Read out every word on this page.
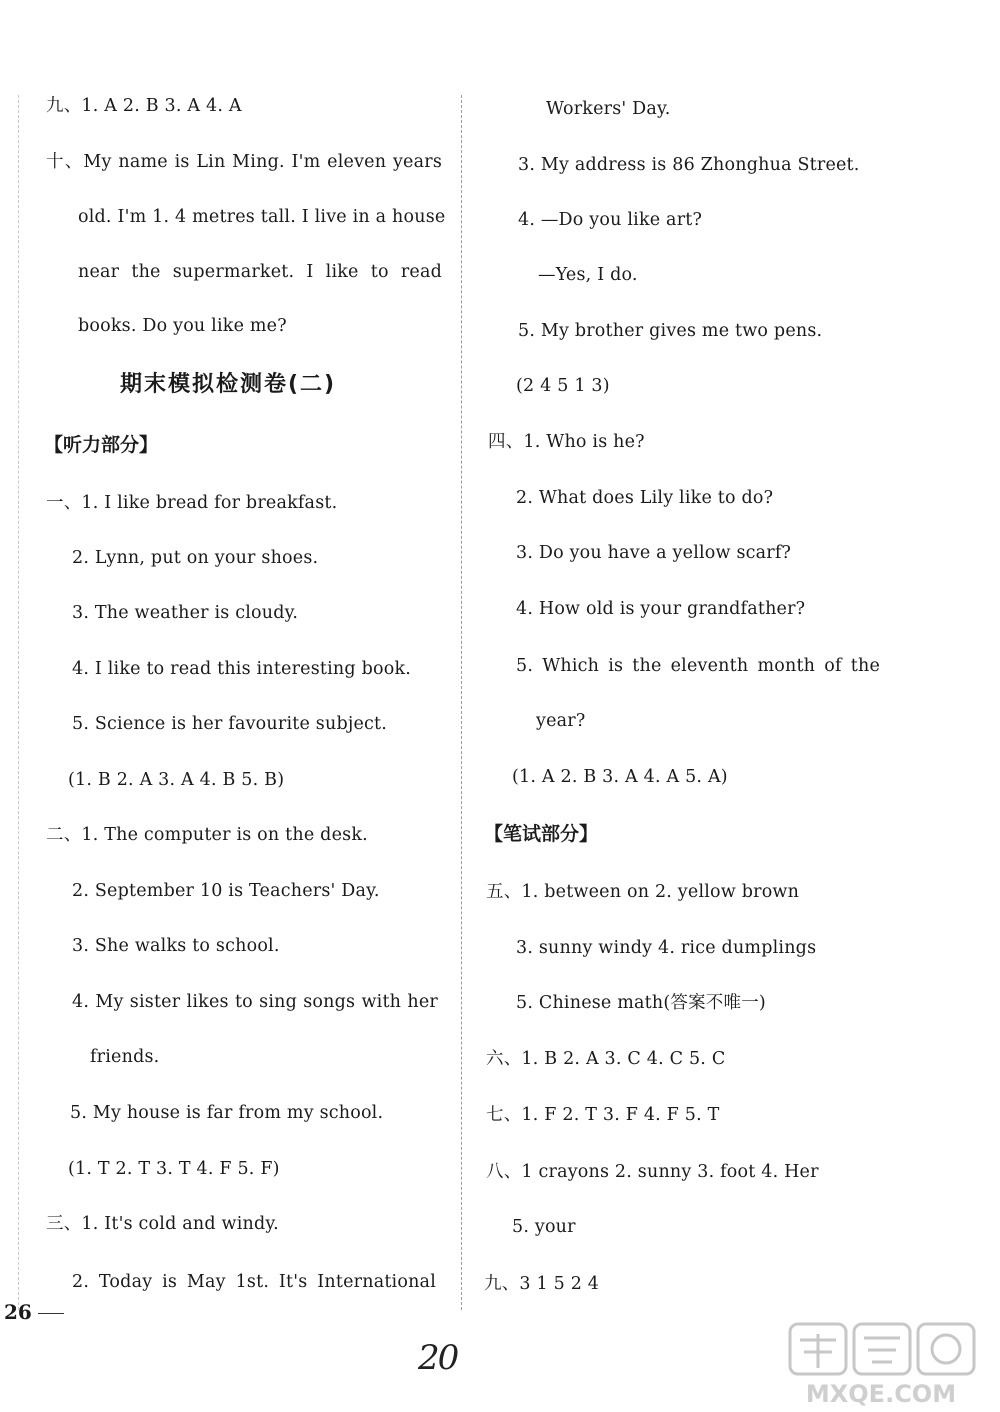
九、1. A 2. B 3. A 4. A
十、My name is Lin Ming. I'm eleven years
old. I'm 1. 4 metres tall. I live in a house
near the supermarket. I like to read
books. Do you like me?
期末模拟检测卷(二)
【听力部分】
一、1. I like bread for breakfast.
2. Lynn, put on your shoes.
3. The weather is cloudy.
4. I like to read this interesting book.
5. Science is her favourite subject.
(1. B 2. A 3. A 4. B 5. B)
二、1. The computer is on the desk.
2. September 10 is Teachers' Day.
3. She walks to school.
4. My sister likes to sing songs with her
friends.
5. My house is far from my school.
(1. T 2. T 3. T 4. F 5. F)
三、1. It's cold and windy.
2. Today is May 1st. It's International
Workers' Day.
3. My address is 86 Zhonghua Street.
4. —Do you like art?
—Yes, I do.
5. My brother gives me two pens.
(2 4 5 1 3)
四、1. Who is he?
2. What does Lily like to do?
3. Do you have a yellow scarf?
4. How old is your grandfather?
5. Which is the eleventh month of the
year?
(1. A 2. B 3. A 4. A 5. A)
【笔试部分】
五、1. between on 2. yellow brown
3. sunny windy 4. rice dumplings
5. Chinese math(答案不唯一)
六、1. B 2. A 3. C 4. C 5. C
七、1. F 2. T 3. F 4. F 5. T
八、1 crayons 2. sunny 3. foot 4. Her
5. your
九、3 1 5 2 4
26
20
MXQE.COM
